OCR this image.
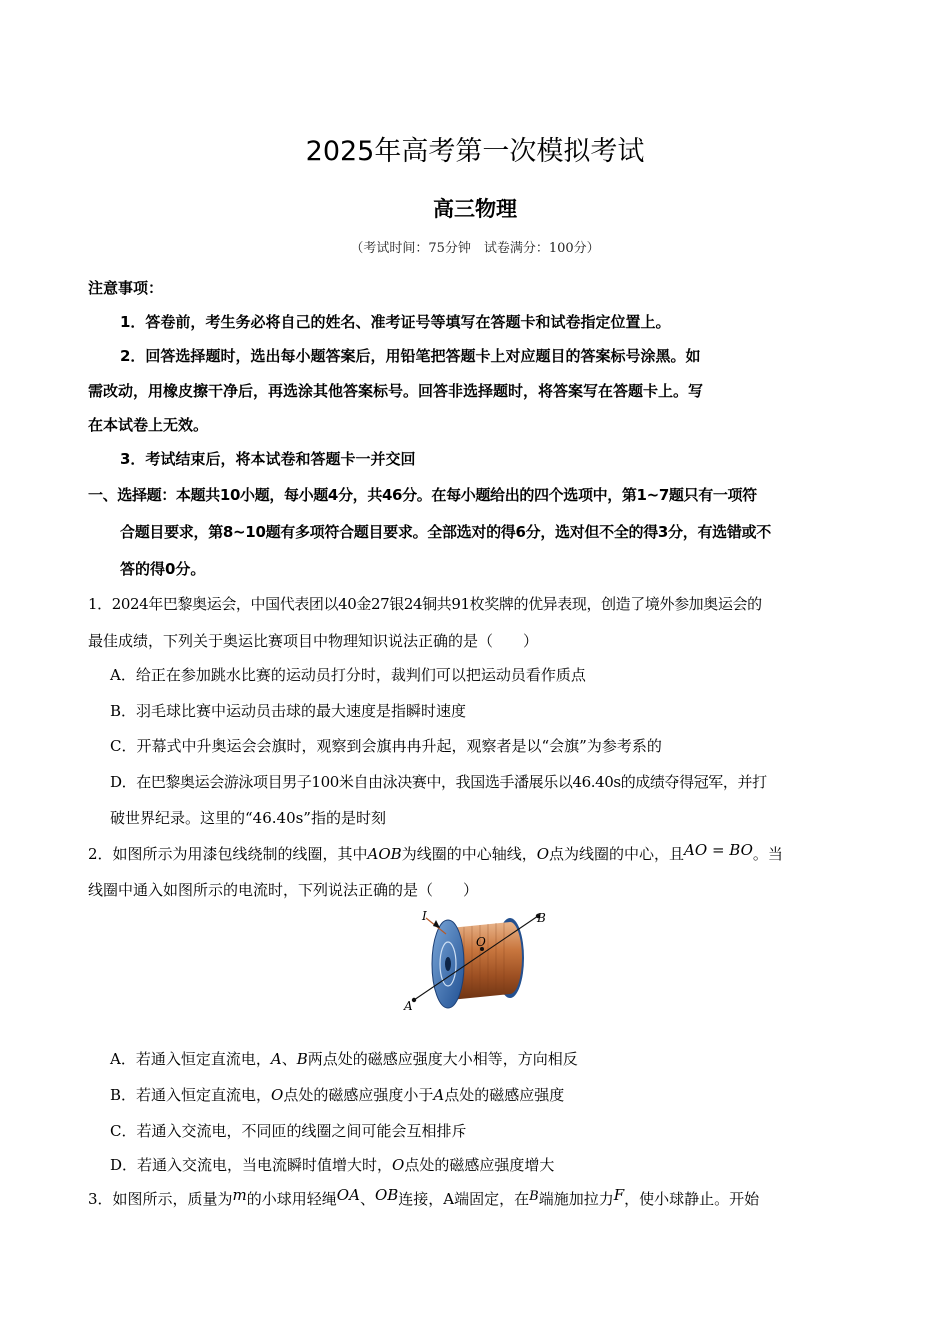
2025年高考第一次模拟考试
高三物理
（考试时间：75分钟　试卷满分：100分）
注意事项：
1．答卷前，考生务必将自己的姓名、准考证号等填写在答题卡和试卷指定位置上。
2．回答选择题时，选出每小题答案后，用铅笔把答题卡上对应题目的答案标号涂黑。如
需改动，用橡皮擦干净后，再选涂其他答案标号。回答非选择题时，将答案写在答题卡上。写
在本试卷上无效。
3．考试结束后，将本试卷和答题卡一并交回
一、选择题：本题共10小题，每小题4分，共46分。在每小题给出的四个选项中，第1~7题只有一项符
合题目要求，第8~10题有多项符合题目要求。全部选对的得6分，选对但不全的得3分，有选错或不
答的得0分。
1．2024年巴黎奥运会，中国代表团以40金27银24铜共91枚奖牌的优异表现，创造了境外参加奥运会的
最佳成绩，下列关于奥运比赛项目中物理知识说法正确的是（　　）
A．给正在参加跳水比赛的运动员打分时，裁判们可以把运动员看作质点
B．羽毛球比赛中运动员击球的最大速度是指瞬时速度
C．开幕式中升奥运会会旗时，观察到会旗冉冉升起，观察者是以“会旗”为参考系的
D．在巴黎奥运会游泳项目男子100米自由泳决赛中，我国选手潘展乐以46.40s的成绩夺得冠军，并打
破世界纪录。这里的“46.40s”指的是时刻
2．如图所示为用漆包线绕制的线圈，其中AOB为线圈的中心轴线，O点为线圈的中心，且AO = BO。当
线圈中通入如图所示的电流时，下列说法正确的是（　　）
I
A
B
O
A．若通入恒定直流电，A、B两点处的磁感应强度大小相等，方向相反
B．若通入恒定直流电，O点处的磁感应强度小于A点处的磁感应强度
C．若通入交流电，不同匝的线圈之间可能会互相排斥
D．若通入交流电，当电流瞬时值增大时，O点处的磁感应强度增大
3．如图所示，质量为m的小球用轻绳OA、OB连接，A端固定，在B端施加拉力F，使小球静止。开始
